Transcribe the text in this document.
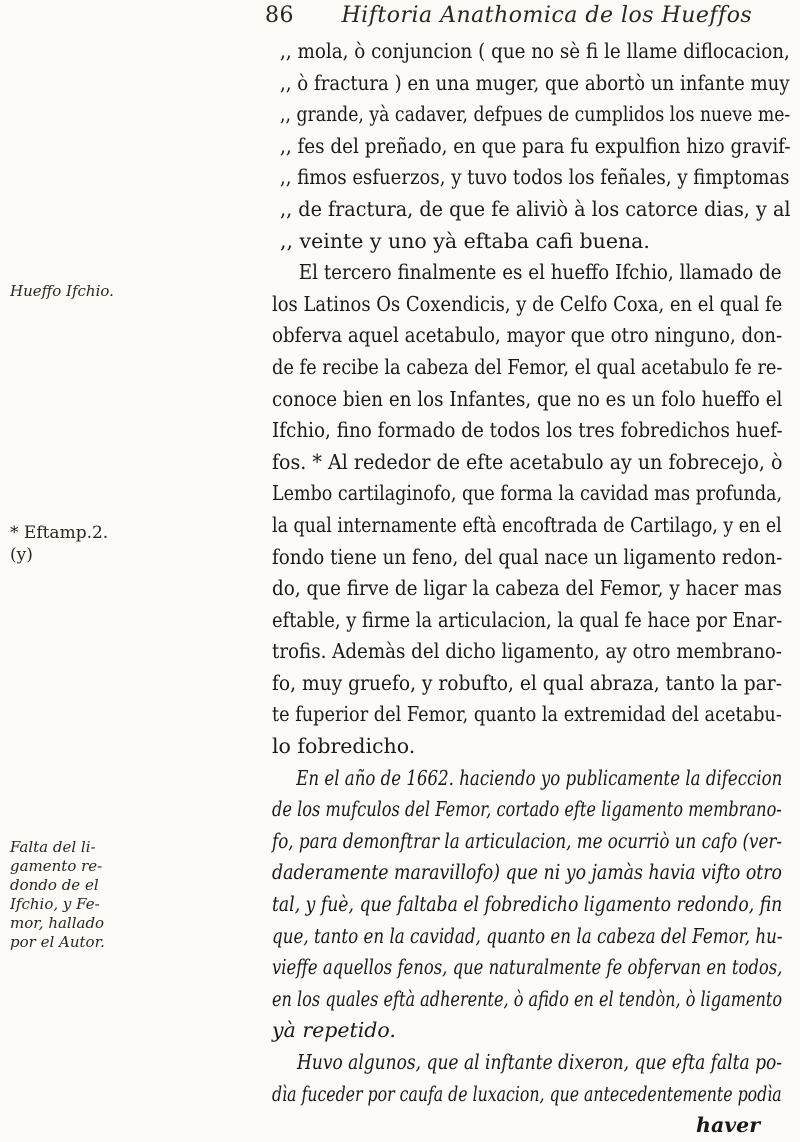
86 Hiftoria Anathomica de los Hueffos
Hueffo Ifchio.
* Eftamp.2.
(y)
Falta del li-
gamento re-
dondo de el
Ifchio, y Fe-
mor, hallado
por el Autor.
,, mola, ò conjuncion ( que no sè fi le llame diflocacion,
,, ò fractura ) en una muger, que abortò un infante muy
,, grande, yà cadaver, defpues de cumplidos los nueve me-
,, fes del preñado, en que para fu expulfion hizo gravif-
,, fimos esfuerzos, y tuvo todos los feñales, y fimptomas
,, de fractura, de que fe aliviò à los catorce dias, y al
,, veinte y uno yà eftaba cafi buena.
El tercero finalmente es el hueffo Ifchio, llamado de
los Latinos Os Coxendicis, y de Celfo Coxa, en el qual fe
obferva aquel acetabulo, mayor que otro ninguno, don-
de fe recibe la cabeza del Femor, el qual acetabulo fe re-
conoce bien en los Infantes, que no es un folo hueffo el
Ifchio, fino formado de todos los tres fobredichos huef-
fos. * Al rededor de efte acetabulo ay un fobrecejo, ò
Lembo cartilaginofo, que forma la cavidad mas profunda,
la qual internamente eftà encoftrada de Cartilago, y en el
fondo tiene un feno, del qual nace un ligamento redon-
do, que firve de ligar la cabeza del Femor, y hacer mas
eftable, y firme la articulacion, la qual fe hace por Enar-
trofis. Ademàs del dicho ligamento, ay otro membrano-
fo, muy gruefo, y robufto, el qual abraza, tanto la par-
te fuperior del Femor, quanto la extremidad del acetabu-
lo fobredicho.
En el año de 1662. haciendo yo publicamente la difeccion
de los mufculos del Femor, cortado efte ligamento membrano-
fo, para demonftrar la articulacion, me ocurriò un cafo (ver-
daderamente maravillofo) que ni yo jamàs havia vifto otro
tal, y fuè, que faltaba el fobredicho ligamento redondo, fin
que, tanto en la cavidad, quanto en la cabeza del Femor, hu-
vieffe aquellos fenos, que naturalmente fe obfervan en todos,
en los quales eftà adherente, ò afido en el tendòn, ò ligamento
yà repetido.
Huvo algunos, que al inftante dixeron, que efta falta po-
dìa fuceder por caufa de luxacion, que antecedentemente podìa
haver
